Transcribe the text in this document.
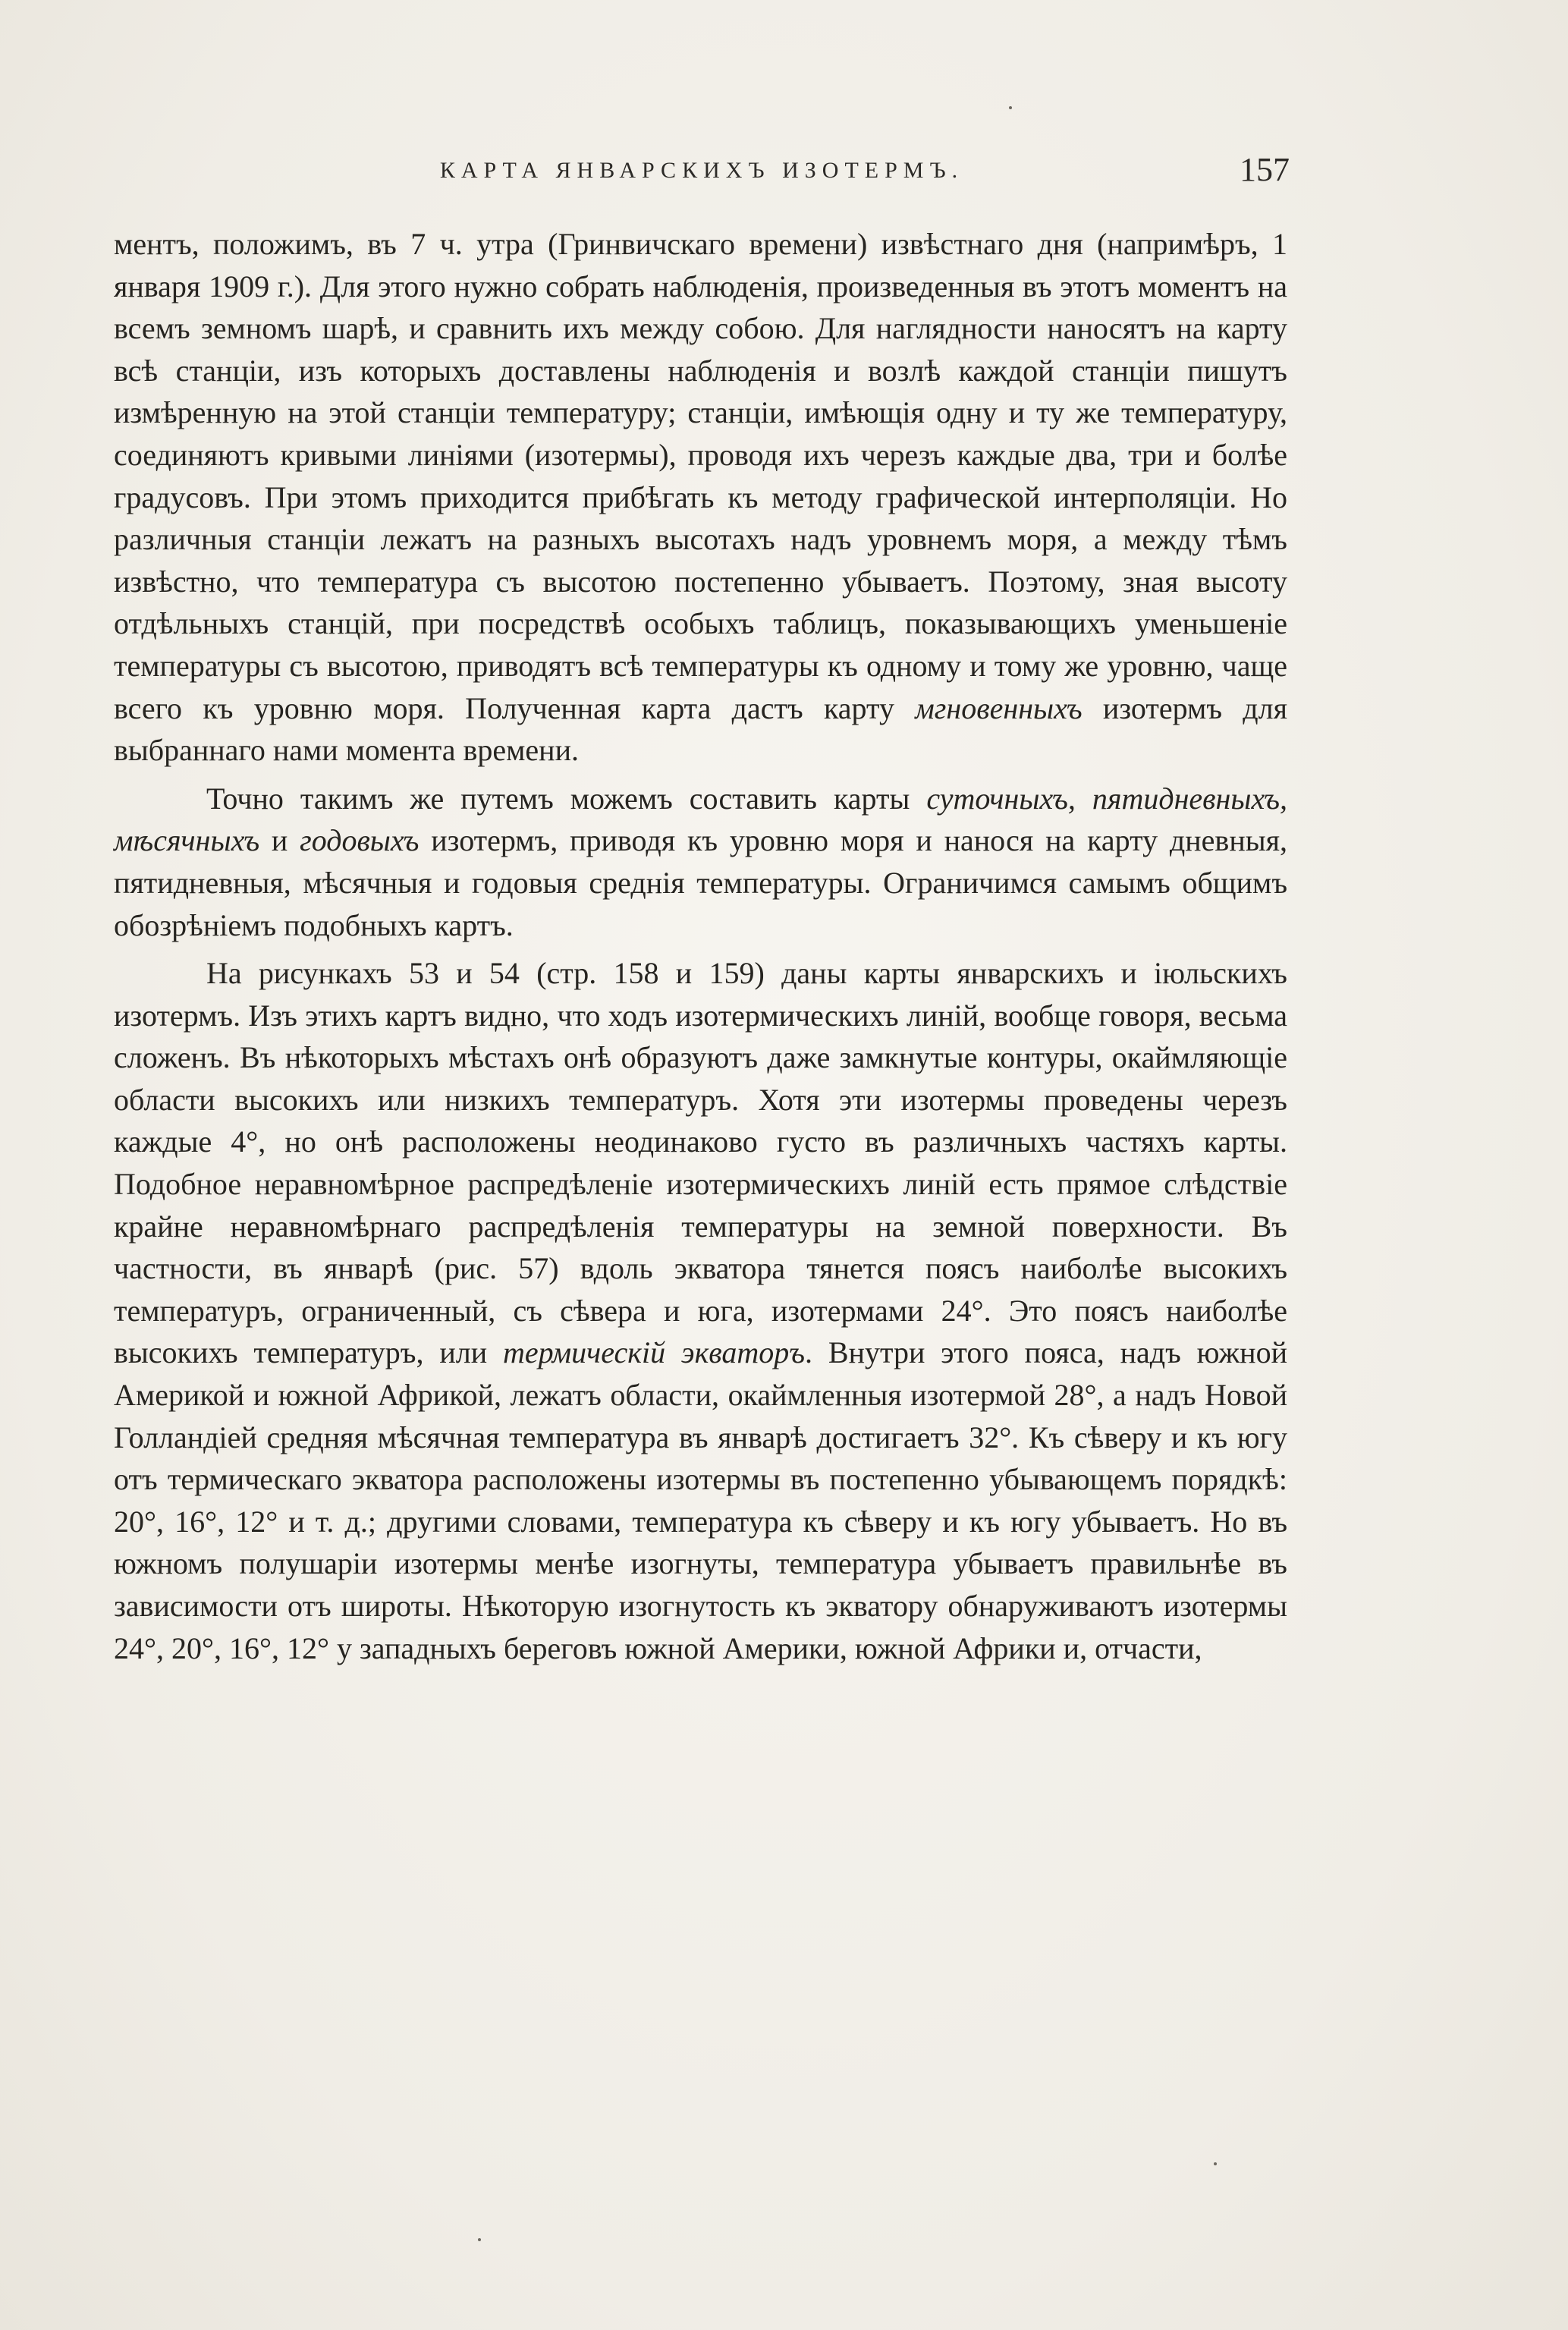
КАРТА ЯНВАРСКИХЪ ИЗОТЕРМЪ.	157

ментъ, положимъ, въ 7 ч. утра (Гринвичскаго времени) извѣстнаго дня (напримѣръ, 1 января 1909 г.). Для этого нужно собрать наблюденія, произведенныя въ этотъ моментъ на всемъ земномъ шарѣ, и сравнить ихъ между собою. Для наглядности наносятъ на карту всѣ станціи, изъ которыхъ доставлены наблюденія и возлѣ каждой станціи пишутъ измѣренную на этой станціи температуру; станціи, имѣющія одну и ту же температуру, соединяютъ кривыми линіями (изотермы), проводя ихъ черезъ каждые два, три и болѣе градусовъ. При этомъ приходится прибѣгать къ методу графической интерполяціи. Но различныя станціи лежатъ на разныхъ высотахъ надъ уровнемъ моря, а между тѣмъ извѣстно, что температура съ высотою постепенно убываетъ. Поэтому, зная высоту отдѣльныхъ станцій, при посредствѣ особыхъ таблицъ, показывающихъ уменьшеніе температуры съ высотою, приводятъ всѣ температуры къ одному и тому же уровню, чаще всего къ уровню моря. Полученная карта дастъ карту мгновенныхъ изотермъ для выбраннаго нами момента времени.

Точно такимъ же путемъ можемъ составить карты суточныхъ, пятидневныхъ, мѣсячныхъ и годовыхъ изотермъ, приводя къ уровню моря и нанося на карту дневныя, пятидневныя, мѣсячныя и годовыя среднія температуры. Ограничимся самымъ общимъ обозрѣніемъ подобныхъ картъ.

На рисункахъ 53 и 54 (стр. 158 и 159) даны карты январскихъ и іюльскихъ изотермъ. Изъ этихъ картъ видно, что ходъ изотермическихъ линій, вообще говоря, весьма сложенъ. Въ нѣкоторыхъ мѣстахъ онѣ образуютъ даже замкнутые контуры, окаймляющіе области высокихъ или низкихъ температуръ. Хотя эти изотермы проведены черезъ каждые 4°, но онѣ расположены неодинаково густо въ различныхъ частяхъ карты. Подобное неравномѣрное распредѣленіе изотермическихъ линій есть прямое слѣдствіе крайне неравномѣрнаго распредѣленія температуры на земной поверхности. Въ частности, въ январѣ (рис. 57) вдоль экватора тянется поясъ наиболѣе высокихъ температуръ, ограниченный, съ сѣвера и юга, изотермами 24°. Это поясъ наиболѣе высокихъ температуръ, или термическій экваторъ. Внутри этого пояса, надъ южной Америкой и южной Африкой, лежатъ области, окаймленныя изотермой 28°, а надъ Новой Голландіей средняя мѣсячная температура въ январѣ достигаетъ 32°. Къ сѣверу и къ югу отъ термическаго экватора расположены изотермы въ постепенно убывающемъ порядкѣ: 20°, 16°, 12° и т. д.; другими словами, температура къ сѣверу и къ югу убываетъ. Но въ южномъ полушаріи изотермы менѣе изогнуты, температура убываетъ правильнѣе въ зависимости отъ широты. Нѣкоторую изогнутость къ экватору обнаруживаютъ изотермы 24°, 20°, 16°, 12° у западныхъ береговъ южной Америки, южной Африки и, отчасти,
